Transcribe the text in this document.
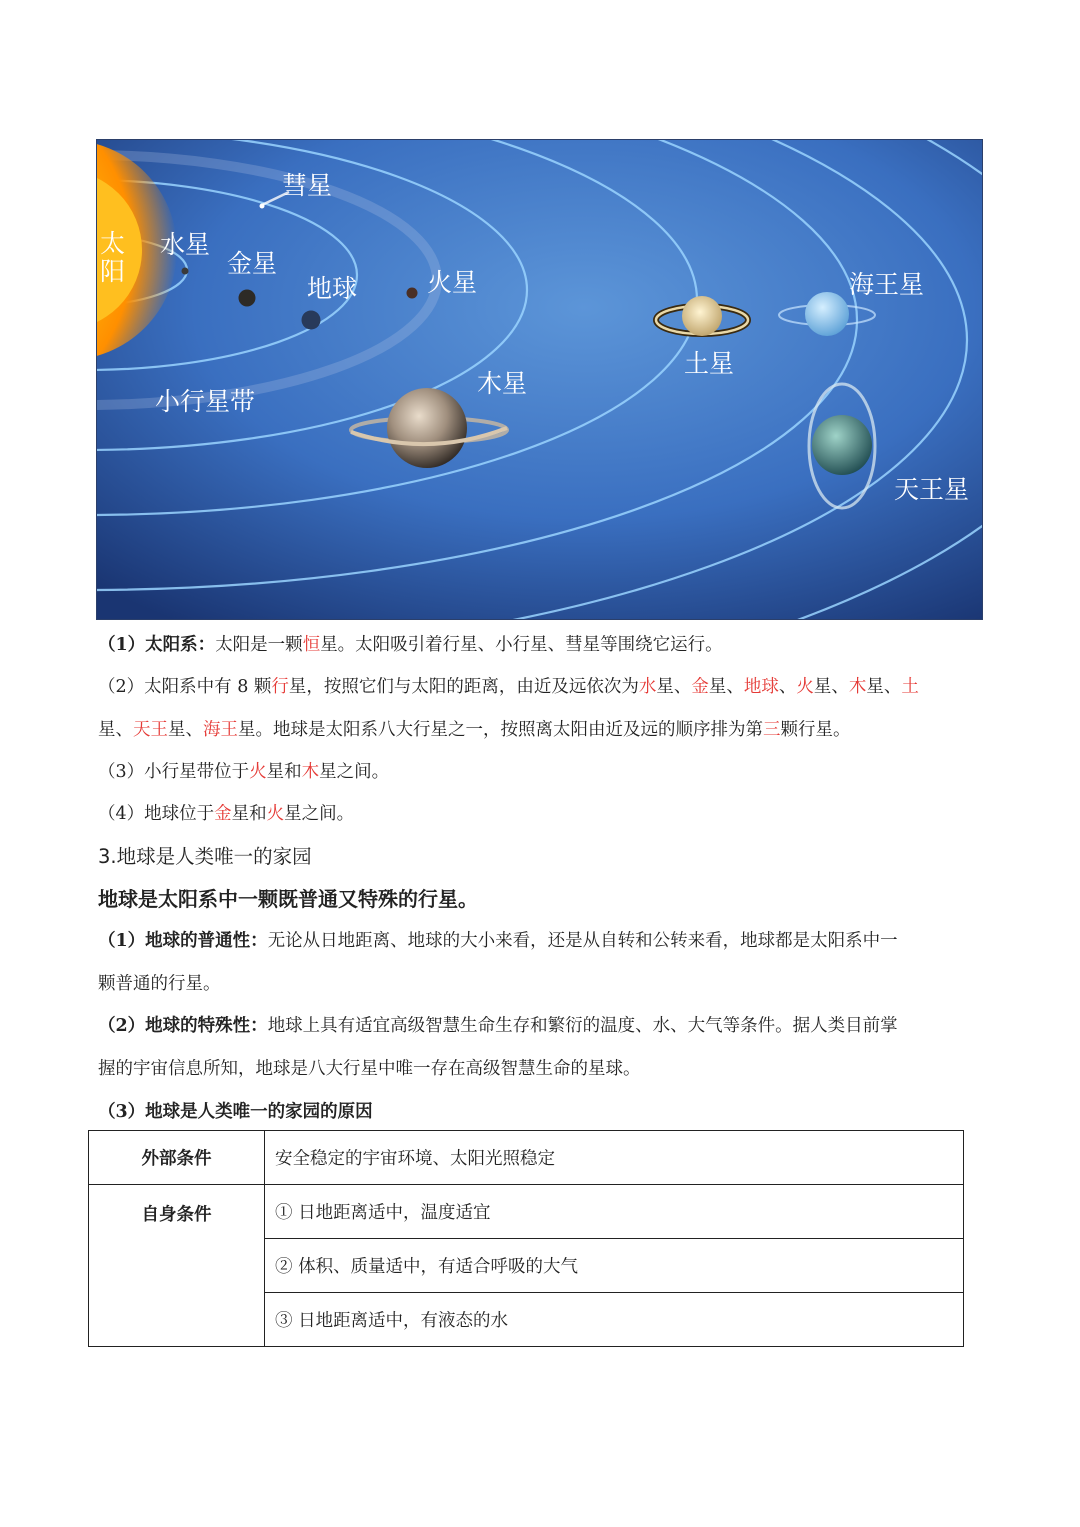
太
阳
水星
金星
地球	火星
彗星
小行星带
木星
土星
海王星
天王星
（1）太阳系：太阳是一颗恒星。太阳吸引着行星、小行星、彗星等围绕它运行。
（2）太阳系中有 8 颗行星，按照它们与太阳的距离，由近及远依次为水星、金星、地球、火星、木星、土
星、天王星、海王星。地球是太阳系八大行星之一，按照离太阳由近及远的顺序排为第三颗行星。
（3）小行星带位于火星和木星之间。
（4）地球位于金星和火星之间。
3.地球是人类唯一的家园
地球是太阳系中一颗既普通又特殊的行星。
（1）地球的普通性：无论从日地距离、地球的大小来看，还是从自转和公转来看，地球都是太阳系中一
颗普通的行星。
（2）地球的特殊性：地球上具有适宜高级智慧生命生存和繁衍的温度、水、大气等条件。据人类目前掌
握的宇宙信息所知，地球是八大行星中唯一存在高级智慧生命的星球。
（3）地球是人类唯一的家园的原因
外部条件	安全稳定的宇宙环境、太阳光照稳定
自身条件	① 日地距离适中，温度适宜
	② 体积、质量适中，有适合呼吸的大气
	③ 日地距离适中，有液态的水
